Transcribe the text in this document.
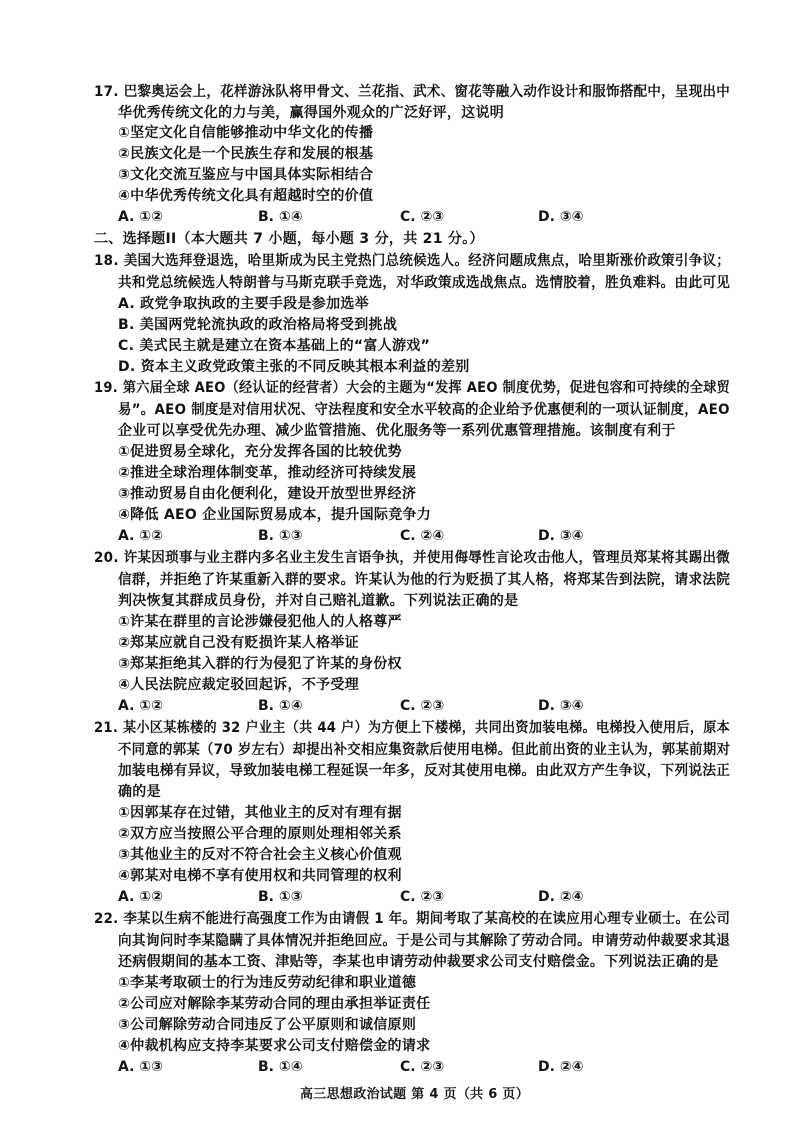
17. 巴黎奥运会上，花样游泳队将甲骨文、兰花指、武术、窗花等融入动作设计和服饰搭配中，呈现出中
华优秀传统文化的力与美，赢得国外观众的广泛好评，这说明
①坚定文化自信能够推动中华文化的传播
②民族文化是一个民族生存和发展的根基
③文化交流互鉴应与中国具体实际相结合
④中华优秀传统文化具有超越时空的价值
A. ①②	B. ①④	C. ②③	D. ③④
二、选择题II（本大题共 7 小题，每小题 3 分，共 21 分。）
18. 美国大选拜登退选，哈里斯成为民主党热门总统候选人。经济问题成焦点，哈里斯涨价政策引争议；
共和党总统候选人特朗普与马斯克联手竞选，对华政策成选战焦点。选情胶着，胜负难料。由此可见
A. 政党争取执政的主要手段是参加选举
B. 美国两党轮流执政的政治格局将受到挑战
C. 美式民主就是建立在资本基础上的“富人游戏”
D. 资本主义政党政策主张的不同反映其根本利益的差别
19. 第六届全球 AEO（经认证的经营者）大会的主题为“发挥 AEO 制度优势，促进包容和可持续的全球贸
易”。AEO 制度是对信用状况、守法程度和安全水平较高的企业给予优惠便利的一项认证制度，AEO
企业可以享受优先办理、减少监管措施、优化服务等一系列优惠管理措施。该制度有利于
①促进贸易全球化，充分发挥各国的比较优势
②推进全球治理体制变革，推动经济可持续发展
③推动贸易自由化便利化，建设开放型世界经济
④降低 AEO 企业国际贸易成本，提升国际竞争力
A. ①②	B. ①③	C. ②④	D. ③④
20. 许某因琐事与业主群内多名业主发生言语争执，并使用侮辱性言论攻击他人，管理员郑某将其踢出微
信群，并拒绝了许某重新入群的要求。许某认为他的行为贬损了其人格，将郑某告到法院，请求法院
判决恢复其群成员身份，并对自己赔礼道歉。下列说法正确的是
①许某在群里的言论涉嫌侵犯他人的人格尊严
②郑某应就自己没有贬损许某人格举证
③郑某拒绝其入群的行为侵犯了许某的身份权
④人民法院应裁定驳回起诉，不予受理
A. ①②	B. ①④	C. ②③	D. ③④
21. 某小区某栋楼的 32 户业主（共 44 户）为方便上下楼梯，共同出资加装电梯。电梯投入使用后，原本
不同意的郭某（70 岁左右）却提出补交相应集资款后使用电梯。但此前出资的业主认为，郭某前期对
加装电梯有异议，导致加装电梯工程延误一年多，反对其使用电梯。由此双方产生争议，下列说法正
确的是
①因郭某存在过错，其他业主的反对有理有据
②双方应当按照公平合理的原则处理相邻关系
③其他业主的反对不符合社会主义核心价值观
④郭某对电梯不享有使用权和共同管理的权利
A. ①②	B. ①③	C. ②③	D. ②④
22. 李某以生病不能进行高强度工作为由请假 1 年。期间考取了某高校的在读应用心理专业硕士。在公司
向其询问时李某隐瞒了具体情况并拒绝回应。于是公司与其解除了劳动合同。申请劳动仲裁要求其退
还病假期间的基本工资、津贴等，李某也申请劳动仲裁要求公司支付赔偿金。下列说法正确的是
①李某考取硕士的行为违反劳动纪律和职业道德
②公司应对解除李某劳动合同的理由承担举证责任
③公司解除劳动合同违反了公平原则和诚信原则
④仲裁机构应支持李某要求公司支付赔偿金的请求
A. ①③	B. ①④	C. ②③	D. ②④
高三思想政治试题 第 4 页（共 6 页）
